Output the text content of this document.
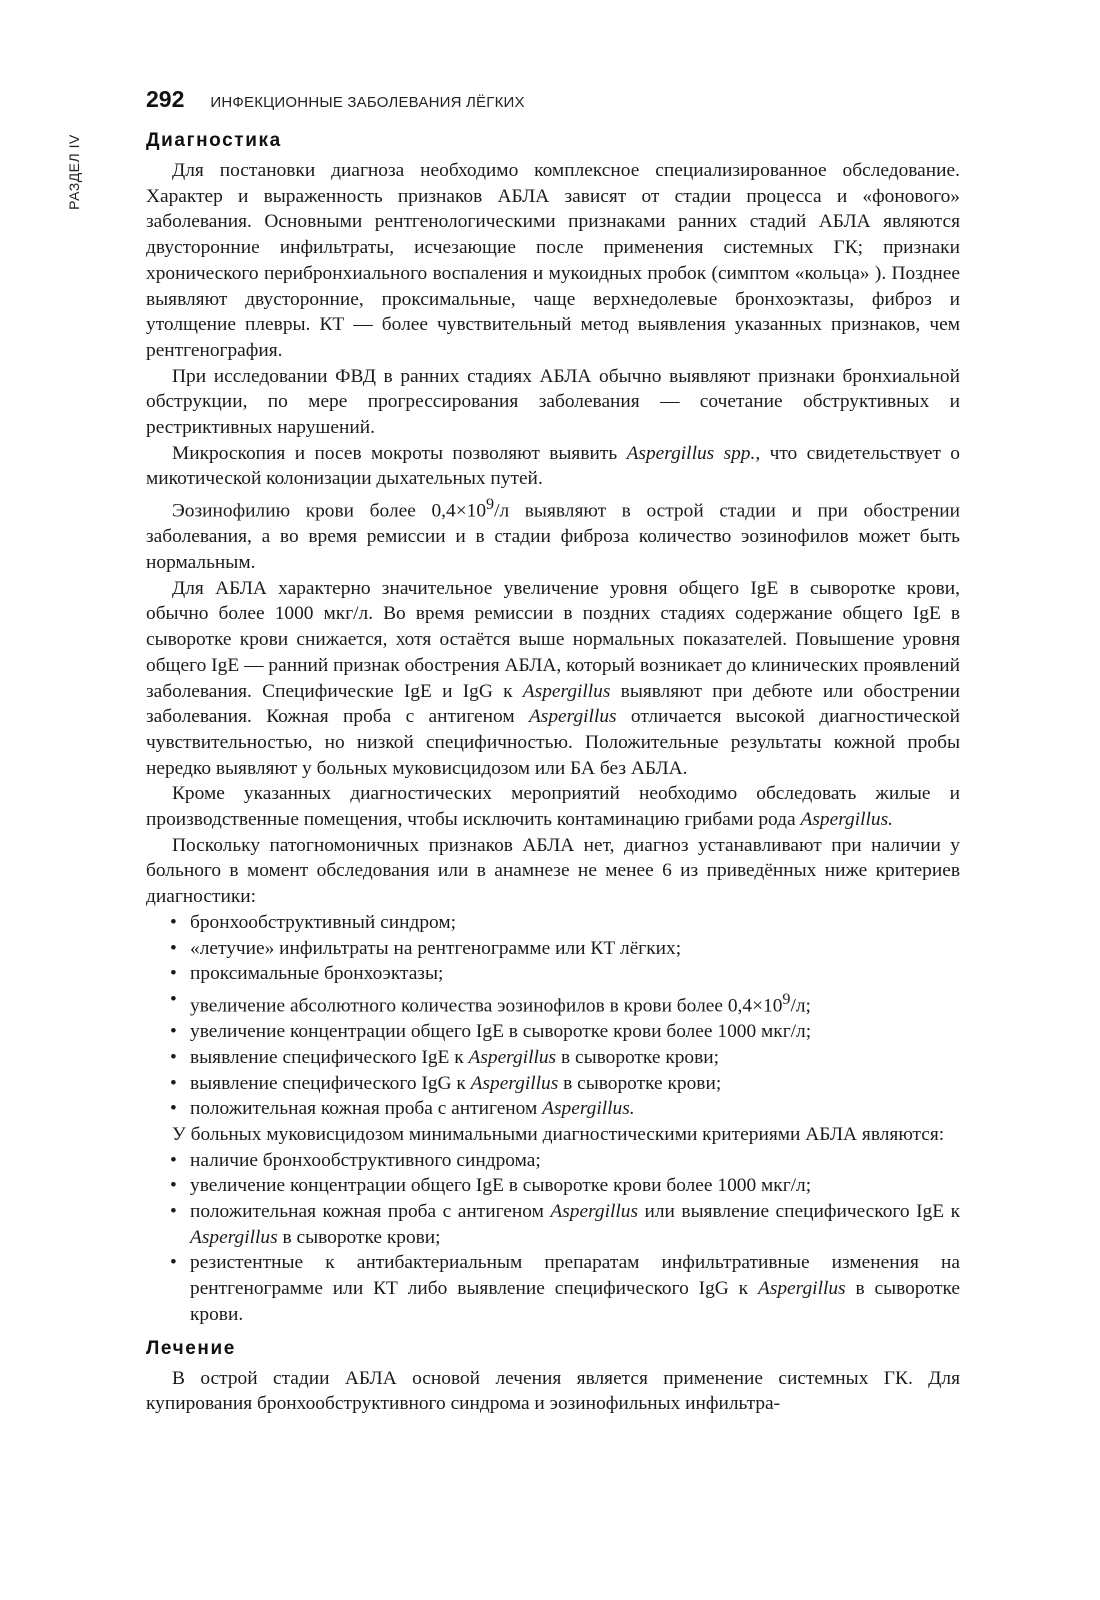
РАЗДЕЛ IV
292 ИНФЕКЦИОННЫЕ ЗАБОЛЕВАНИЯ ЛЁГКИХ
Диагностика

Для постановки диагноза необходимо комплексное специализированное обследование. Характер и выраженность признаков АБЛА зависят от стадии процесса и «фонового» заболевания. Основными рентгенологическими признаками ранних стадий АБЛА являются двусторонние инфильтраты, исчезающие после применения системных ГК; признаки хронического перибронхиального воспаления и мукоидных пробок (симптом «кольца» ). Позднее выявляют двусторонние, проксимальные, чаще верхнедолевые бронхоэктазы, фиброз и утолщение плевры. КТ — более чувствительный метод выявления указанных признаков, чем рентгенография.

При исследовании ФВД в ранних стадиях АБЛА обычно выявляют признаки бронхиальной обструкции, по мере прогрессирования заболевания — сочетание обструктивных и рестриктивных нарушений.

Микроскопия и посев мокроты позволяют выявить Aspergillus spp., что свидетельствует о микотической колонизации дыхательных путей.

Эозинофилию крови более $0,4\times 10^9/л$ выявляют в острой стадии и при обострении заболевания, а во время ремиссии и в стадии фиброза количество эозинофилов может быть нормальным.

Для АБЛА характерно значительное увеличение уровня общего IgE в сыворотке крови, обычно более 1000 мкг/л. Во время ремиссии в поздних стадиях содержание общего IgE в сыворотке крови снижается, хотя остаётся выше нормальных показателей. Повышение уровня общего IgE — ранний признак обострения АБЛА, который возникает до клинических проявлений заболевания. Специфические IgE и IgG к Aspergillus выявляют при дебюте или обострении заболевания. Кожная проба с антигеном Aspergillus отличается высокой диагностической чувствительностью, но низкой специфичностью. Положительные результаты кожной пробы нередко выявляют у больных муковисцидозом или БА без АБЛА.

Кроме указанных диагностических мероприятий необходимо обследовать жилые и производственные помещения, чтобы исключить контаминацию грибами рода Aspergillus.

Поскольку патогномоничных признаков АБЛА нет, диагноз устанавливают при наличии у больного в момент обследования или в анамнезе не менее 6 из приведённых ниже критериев диагностики:

• бронхообструктивный синдром;
• «летучие» инфильтраты на рентгенограмме или КТ лёгких;
• проксимальные бронхоэктазы;
• увеличение абсолютного количества эозинофилов в крови более $0,4\times 10^9/л$;
• увеличение концентрации общего IgE в сыворотке крови более 1000 мкг/л;
• выявление специфического IgE к Aspergillus в сыворотке крови;
• выявление специфического IgG к Aspergillus в сыворотке крови;
• положительная кожная проба с антигеном Aspergillus.

У больных муковисцидозом минимальными диагностическими критериями АБЛА являются:

• наличие бронхообструктивного синдрома;
• увеличение концентрации общего IgE в сыворотке крови более 1000 мкг/л;
• положительная кожная проба с антигеном Aspergillus или выявление специфического IgE к Aspergillus в сыворотке крови;
• резистентные к антибактериальным препаратам инфильтративные изменения на рентгенограмме или КТ либо выявление специфического IgG к Aspergillus в сыворотке крови.
Лечение

В острой стадии АБЛА основой лечения является применение системных ГК. Для купирования бронхообструктивного синдрома и эозинофильных инфильтра-
